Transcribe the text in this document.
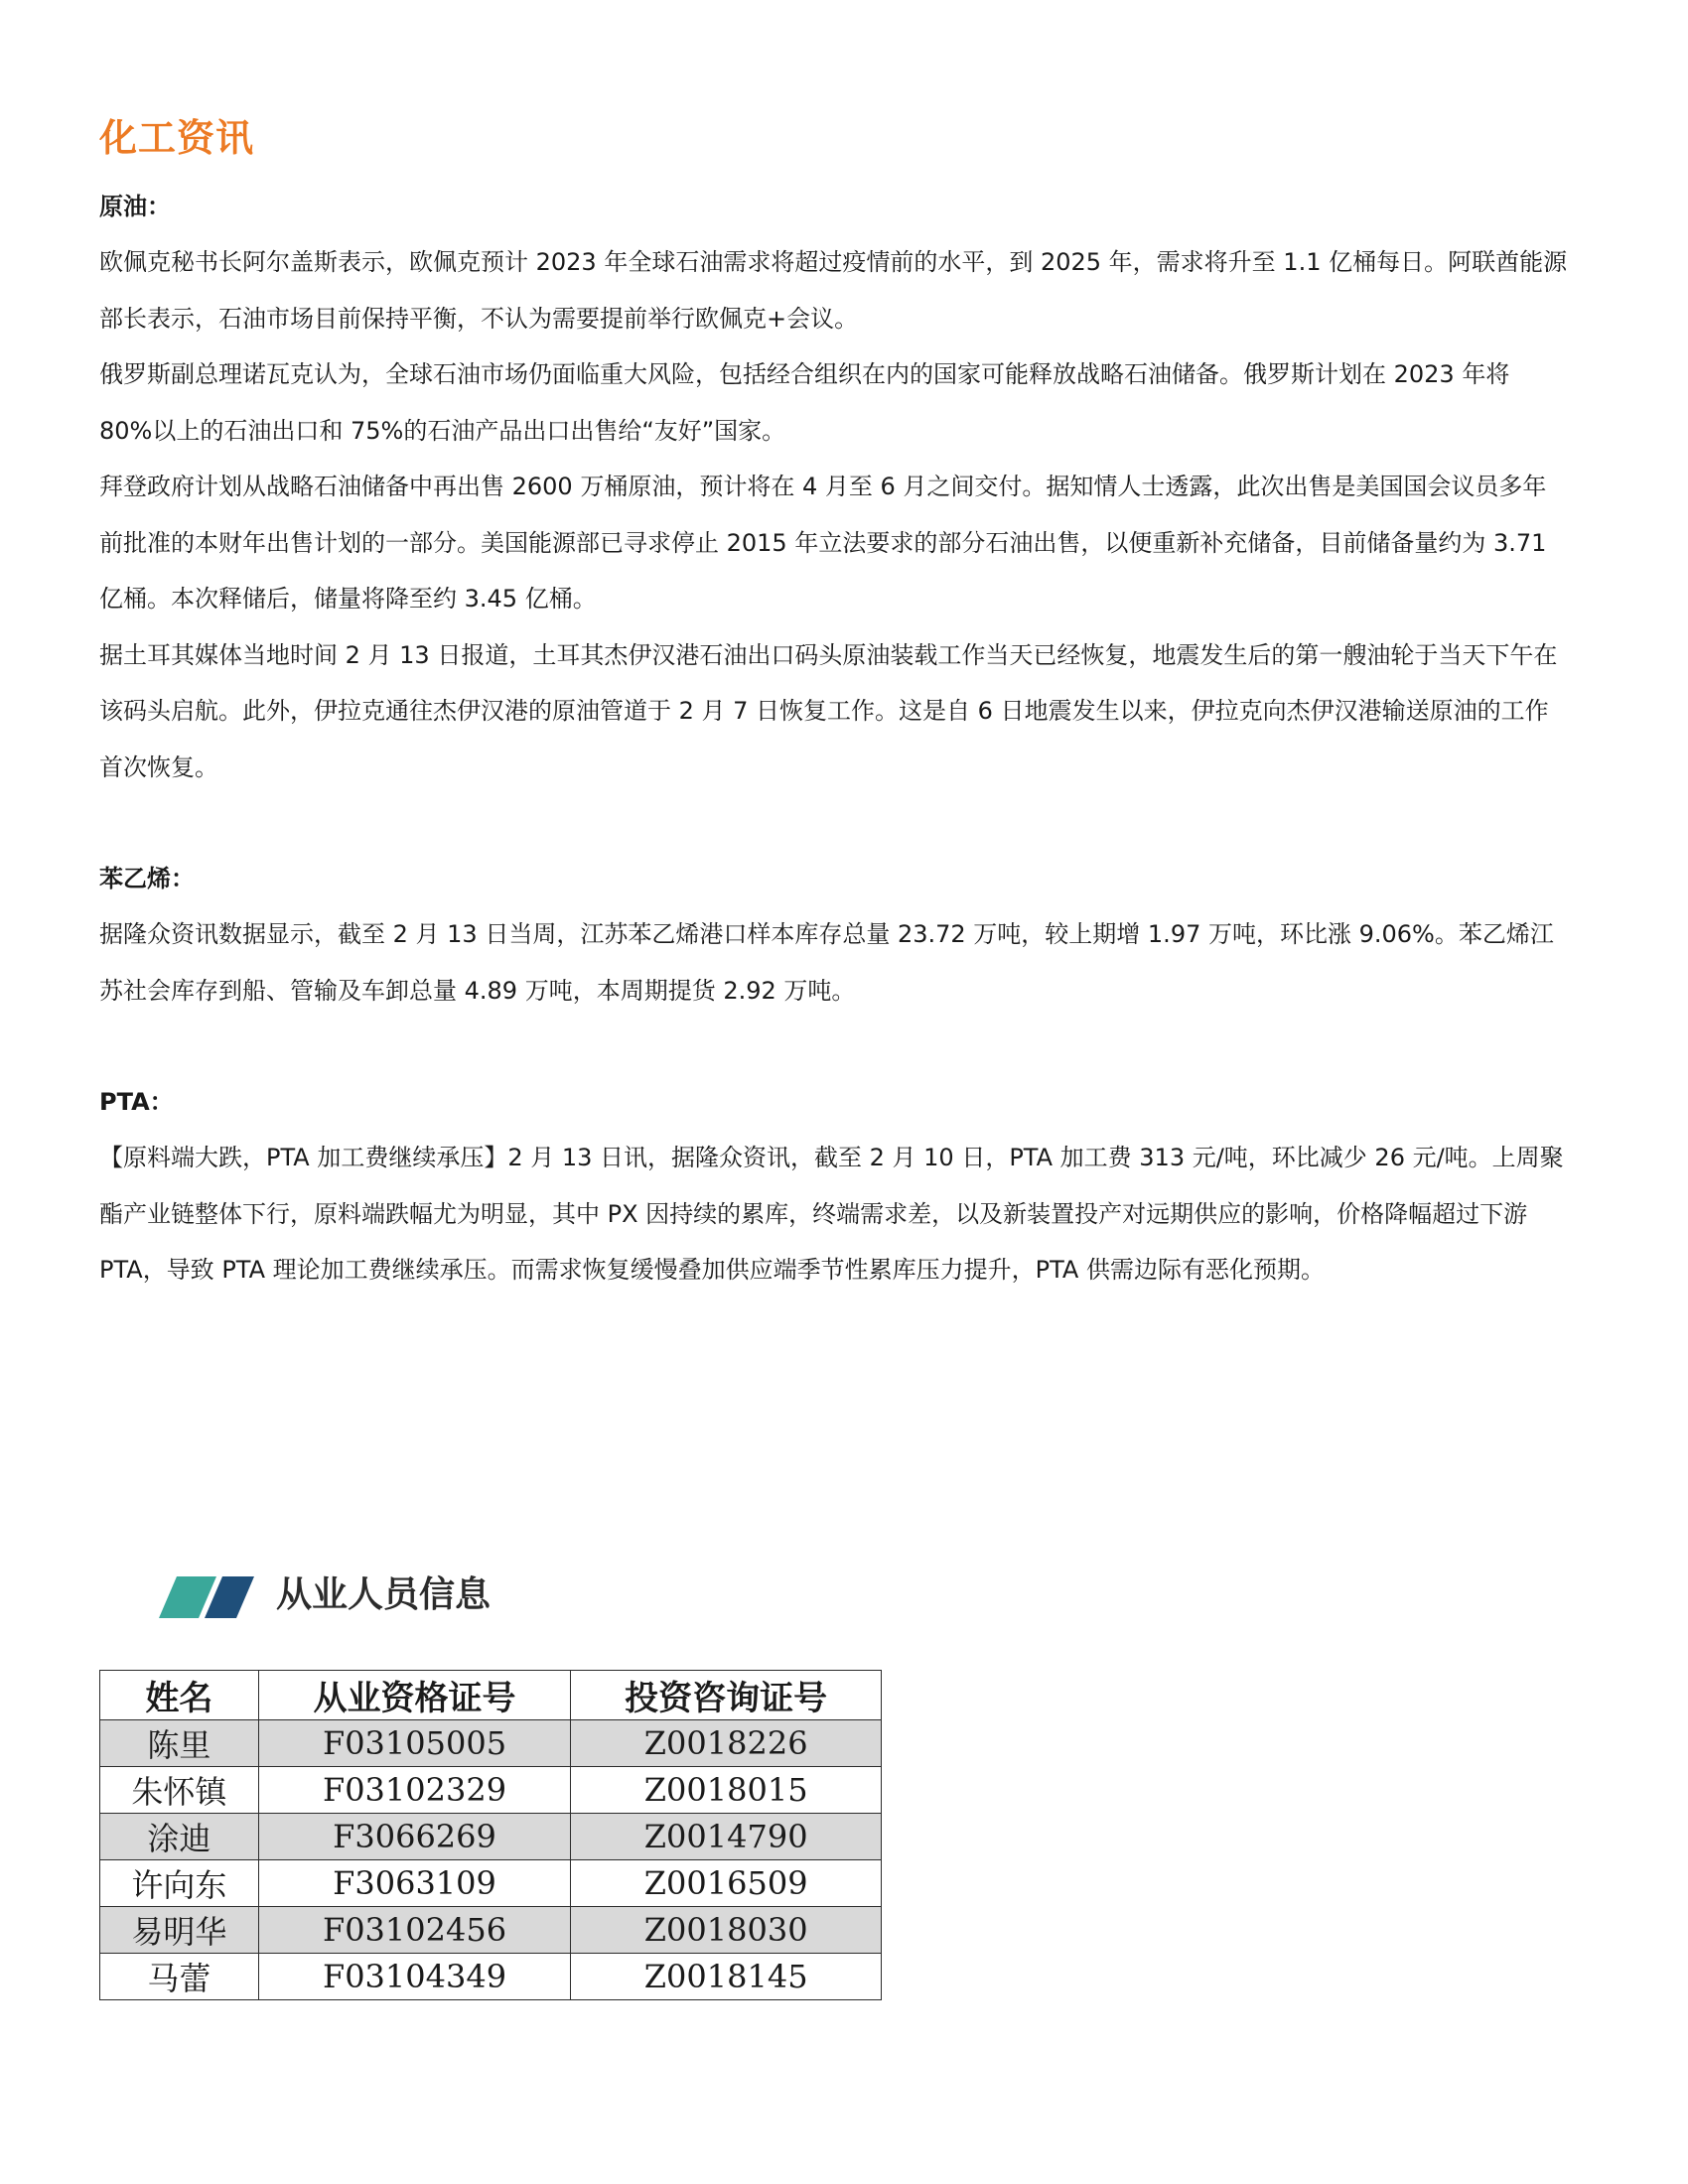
化工资讯
原油：

欧佩克秘书长阿尔盖斯表示，欧佩克预计 2023 年全球石油需求将超过疫情前的水平，到 2025 年，需求将升至 1.1 亿桶每日。阿联酋能源部长表示，石油市场目前保持平衡，不认为需要提前举行欧佩克+会议。

俄罗斯副总理诺瓦克认为，全球石油市场仍面临重大风险，包括经合组织在内的国家可能释放战略石油储备。俄罗斯计划在 2023 年将 80%以上的石油出口和 75%的石油产品出口出售给“友好”国家。

拜登政府计划从战略石油储备中再出售 2600 万桶原油，预计将在 4 月至 6 月之间交付。据知情人士透露，此次出售是美国国会议员多年前批准的本财年出售计划的一部分。美国能源部已寻求停止 2015 年立法要求的部分石油出售，以便重新补充储备，目前储备量约为 3.71 亿桶。本次释储后，储量将降至约 3.45 亿桶。

据土耳其媒体当地时间 2 月 13 日报道，土耳其杰伊汉港石油出口码头原油装载工作当天已经恢复，地震发生后的第一艘油轮于当天下午在该码头启航。此外，伊拉克通往杰伊汉港的原油管道于 2 月 7 日恢复工作。这是自 6 日地震发生以来，伊拉克向杰伊汉港输送原油的工作首次恢复。

苯乙烯：

据隆众资讯数据显示，截至 2 月 13 日当周，江苏苯乙烯港口样本库存总量 23.72 万吨，较上期增 1.97 万吨，环比涨 9.06%。苯乙烯江苏社会库存到船、管输及车卸总量 4.89 万吨，本周期提货 2.92 万吨。

PTA：

【原料端大跌，PTA 加工费继续承压】2 月 13 日讯，据隆众资讯，截至 2 月 10 日，PTA 加工费 313 元/吨，环比减少 26 元/吨。上周聚酯产业链整体下行，原料端跌幅尤为明显，其中 PX 因持续的累库，终端需求差，以及新装置投产对远期供应的影响，价格降幅超过下游 PTA，导致 PTA 理论加工费继续承压。而需求恢复缓慢叠加供应端季节性累库压力提升，PTA 供需边际有恶化预期。

从业人员信息
姓名	从业资格证号	投资咨询证号
陈里	F03105005	Z0018226
朱怀镇	F03102329	Z0018015
涂迪	F3066269	Z0014790
许向东	F3063109	Z0016509
易明华	F03102456	Z0018030
马蕾	F03104349	Z0018145
